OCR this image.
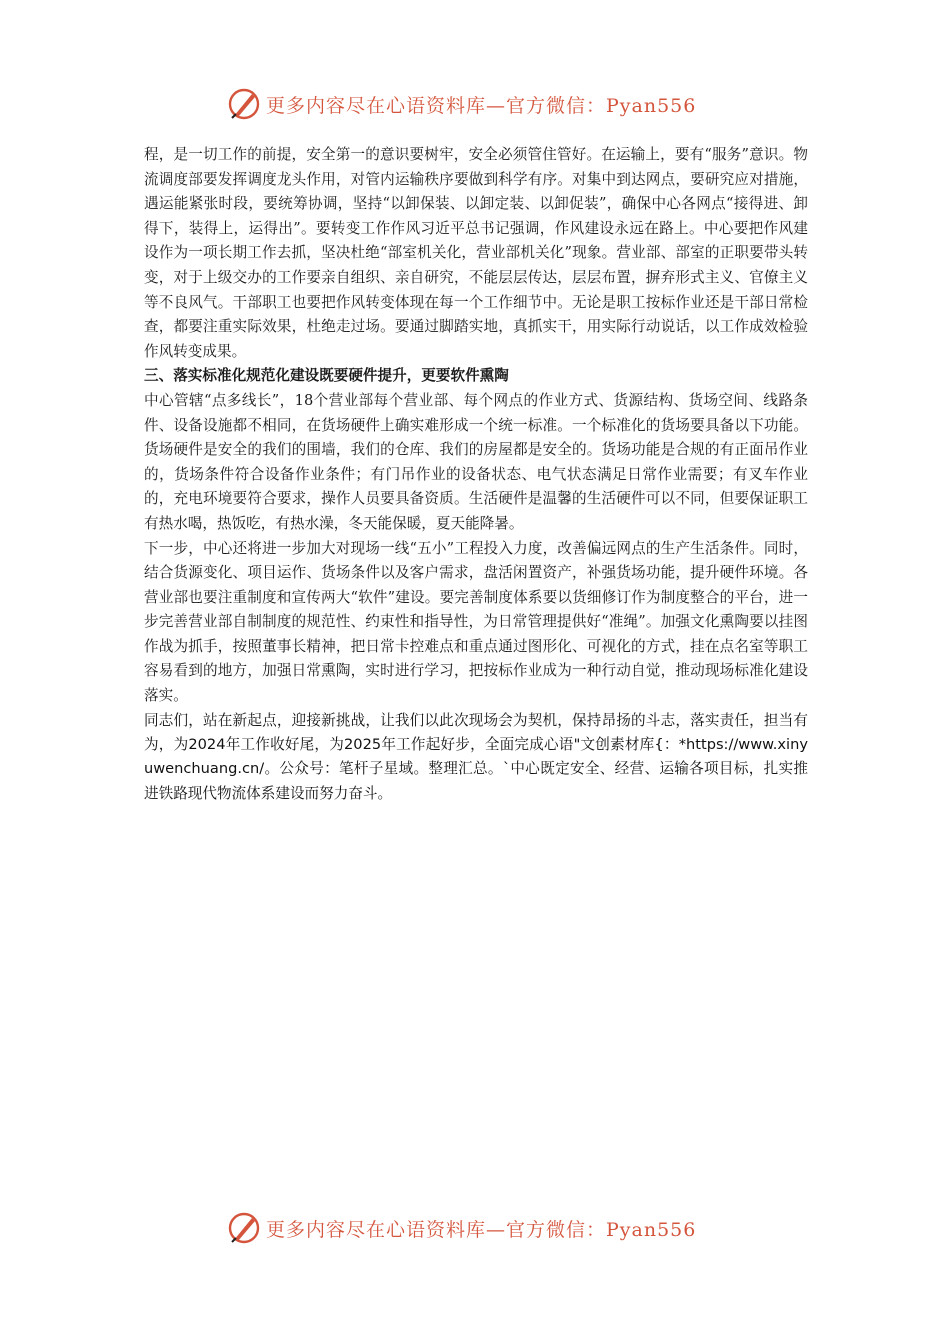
更多内容尽在心语资料库—官方微信：Pyan556

程，是一切工作的前提，安全第一的意识要树牢，安全必须管住管好。在运输上，要有“服务”意识。物流调度部要发挥调度龙头作用，对管内运输秩序要做到科学有序。对集中到达网点，要研究应对措施，遇运能紧张时段，要统筹协调，坚持“以卸保装、以卸定装、以卸促装”，确保中心各网点“接得进、卸得下，装得上，运得出”。要转变工作作风习近平总书记强调，作风建设永远在路上。中心要把作风建设作为一项长期工作去抓，坚决杜绝“部室机关化，营业部机关化”现象。营业部、部室的正职要带头转变，对于上级交办的工作要亲自组织、亲自研究，不能层层传达，层层布置，摒弃形式主义、官僚主义等不良风气。干部职工也要把作风转变体现在每一个工作细节中。无论是职工按标作业还是干部日常检查，都要注重实际效果，杜绝走过场。要通过脚踏实地，真抓实干，用实际行动说话，以工作成效检验作风转变成果。

三、落实标准化规范化建设既要硬件提升，更要软件熏陶

中心管辖“点多线长”，18个营业部每个营业部、每个网点的作业方式、货源结构、货场空间、线路条件、设备设施都不相同，在货场硬件上确实难形成一个统一标准。一个标准化的货场要具备以下功能。货场硬件是安全的我们的围墙，我们的仓库、我们的房屋都是安全的。货场功能是合规的有正面吊作业的，货场条件符合设备作业条件；有门吊作业的设备状态、电气状态满足日常作业需要；有叉车作业的，充电环境要符合要求，操作人员要具备资质。生活硬件是温馨的生活硬件可以不同，但要保证职工有热水喝，热饭吃，有热水澡，冬天能保暖，夏天能降暑。

下一步，中心还将进一步加大对现场一线“五小”工程投入力度，改善偏远网点的生产生活条件。同时，结合货源变化、项目运作、货场条件以及客户需求，盘活闲置资产，补强货场功能，提升硬件环境。各营业部也要注重制度和宣传两大“软件”建设。要完善制度体系要以货细修订作为制度整合的平台，进一步完善营业部自制制度的规范性、约束性和指导性，为日常管理提供好“准绳”。加强文化熏陶要以挂图作战为抓手，按照董事长精神，把日常卡控难点和重点通过图形化、可视化的方式，挂在点名室等职工容易看到的地方，加强日常熏陶，实时进行学习，把按标作业成为一种行动自觉，推动现场标准化建设落实。

同志们，站在新起点，迎接新挑战，让我们以此次现场会为契机，保持昂扬的斗志，落实责任，担当有为，为2024年工作收好尾，为2025年工作起好步，全面完成心语"文创素材库{：*https://www.xinyuwenchuang.cn/。公众号：笔杆子星域。整理汇总。`中心既定安全、经营、运输各项目标，扎实推进铁路现代物流体系建设而努力奋斗。

更多内容尽在心语资料库—官方微信：Pyan556
